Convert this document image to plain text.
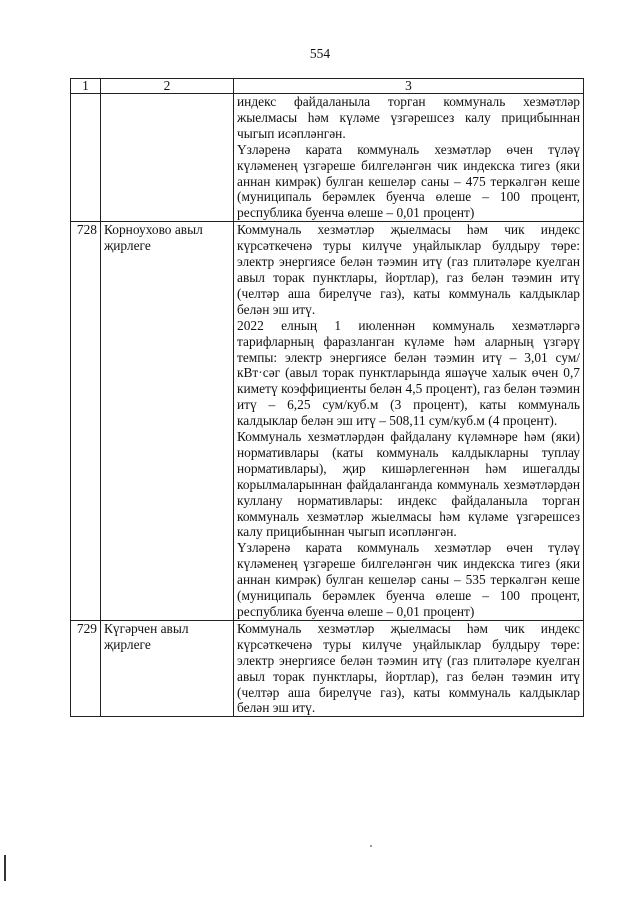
554
1	2	3

		индекс файдаланыла торган коммуналь хезмәтләр жыелмасы һәм күләме үзгәрешсез калу прицибыннан чыгып исәпләнгән.

Үзләренә карата коммуналь хезмәтләр өчен түләү күләменең үзгәреше билгеләнгән чик индекска тигез (яки аннан кимрәк) булган кешеләр саны – 475 теркәлгән кеше (муниципаль берәмлек буенча өлеше – 100 процент, республика буенча өлеше – 0,01 процент)

728	Корноухово авыл җирлеге	Коммуналь хезмәтләр җыелмасы һәм чик индекс күрсәткеченә туры килүче уңайлыклар булдыру төре: электр энергиясе белән тәэмин итү (газ плитәләре куелган авыл торак пунктлары, йортлар), газ белән тәэмин итү (челтәр аша бирелүче газ), каты коммуналь калдыклар белән эш итү.

2022 елның 1 июленнән коммуналь хезмәтләргә тарифларның фаразланган күләме һәм аларның үзгәрү темпы: электр энергиясе белән тәэмин итү – 3,01 сум/кВт·сәг (авыл торак пунктларында яшәүче халык өчен 0,7 киметү коэффициенты белән 4,5 процент), газ белән тәэмин итү – 6,25 сум/куб.м (3 процент), каты коммуналь калдыклар белән эш итү – 508,11 сум/куб.м (4 процент).

Коммуналь хезмәтләрдән файдалану күләмнәре һәм (яки) нормативлары (каты коммуналь калдыкларны туплау нормативлары), җир кишәрлегеннән һәм ишегалды корылмаларыннан файдаланганда коммуналь хезмәтләрдән куллану нормативлары: индекс файдаланыла торган коммуналь хезмәтләр жыелмасы һәм күләме үзгәрешсез калу прицибыннан чыгып исәпләнгән.

Үзләренә карата коммуналь хезмәтләр өчен түләү күләменең үзгәреше билгеләнгән чик индекска тигез (яки аннан кимрәк) булган кешеләр саны – 535 теркәлгән кеше (муниципаль берәмлек буенча өлеше – 100 процент, республика буенча өлеше – 0,01 процент)

729	Күгәрчен авыл җирлеге	Коммуналь хезмәтләр җыелмасы һәм чик индекс күрсәткеченә туры килүче уңайлыклар булдыру төре: электр энергиясе белән тәэмин итү (газ плитәләре куелган авыл торак пунктлары, йортлар), газ белән тәэмин итү (челтәр аша бирелүче газ), каты коммуналь калдыклар белән эш итү.
